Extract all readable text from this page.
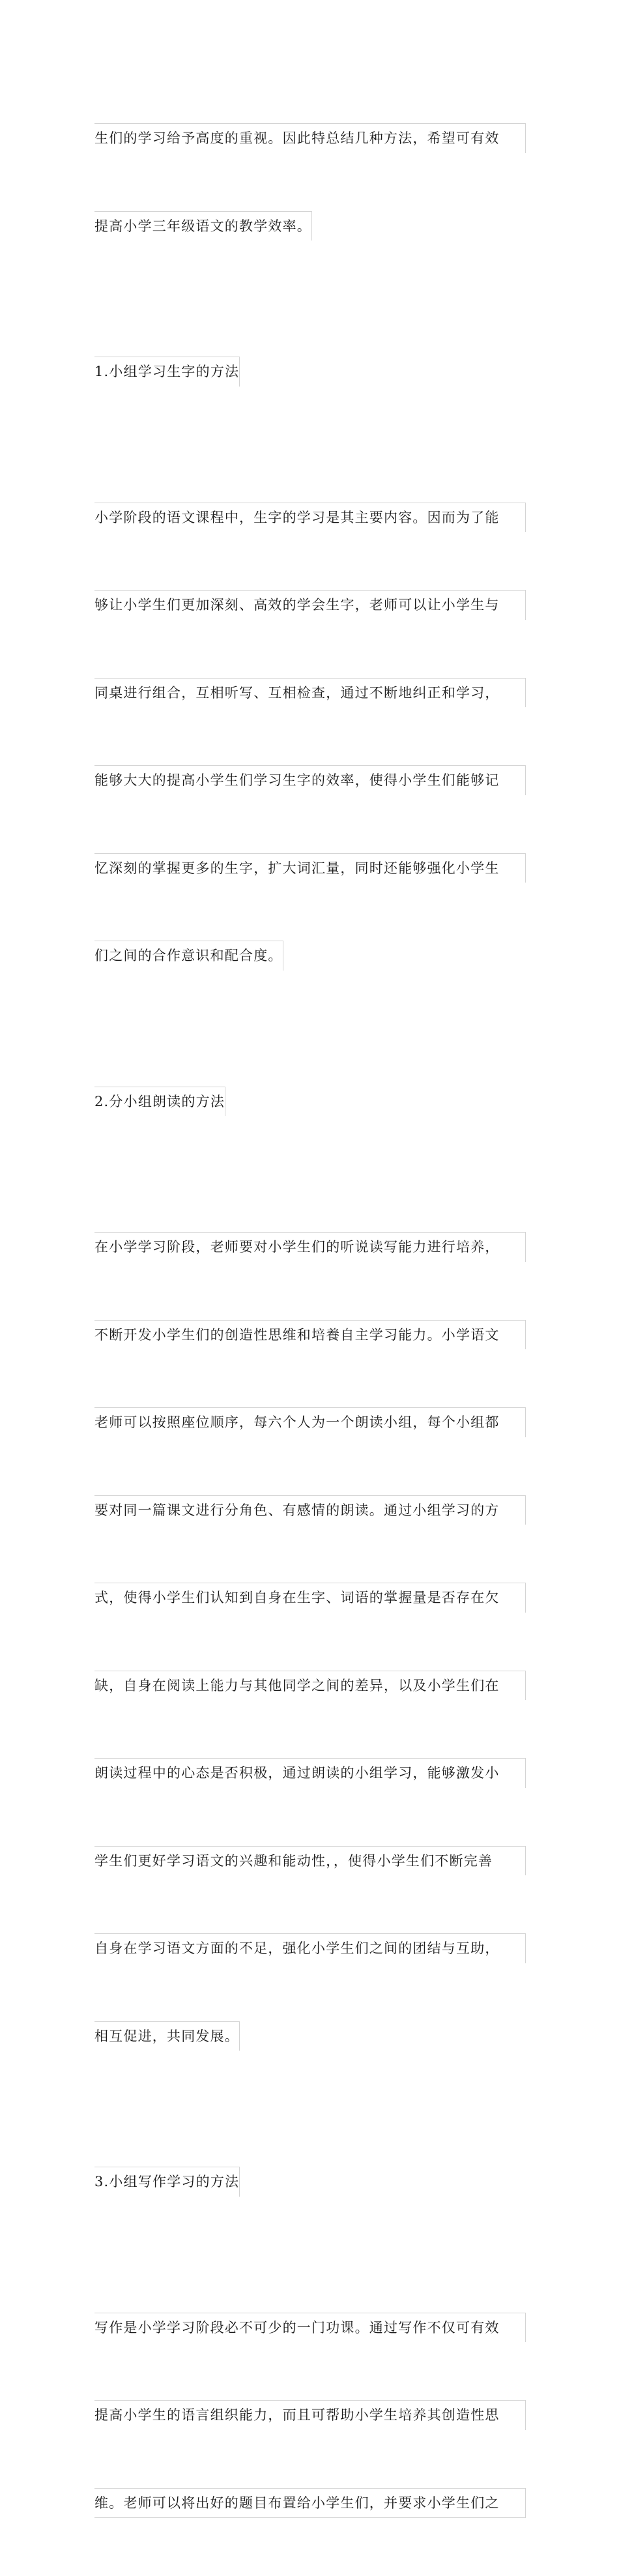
生们的学习给予高度的重视。因此特总结几种方法，希望可有效

提高小学三年级语文的教学效率。

1.小组学习生字的方法

小学阶段的语文课程中，生字的学习是其主要内容。因而为了能

够让小学生们更加深刻、高效的学会生字，老师可以让小学生与

同桌进行组合，互相听写、互相检查，通过不断地纠正和学习，

能够大大的提高小学生们学习生字的效率，使得小学生们能够记

忆深刻的掌握更多的生字，扩大词汇量，同时还能够强化小学生

们之间的合作意识和配合度。

2.分小组朗读的方法

在小学学习阶段，老师要对小学生们的听说读写能力进行培养，

不断开发小学生们的创造性思维和培養自主学习能力。小学语文

老师可以按照座位顺序，每六个人为一个朗读小组，每个小组都

要对同一篇课文进行分角色、有感情的朗读。通过小组学习的方

式，使得小学生们认知到自身在生字、词语的掌握量是否存在欠

缺，自身在阅读上能力与其他同学之间的差异，以及小学生们在

朗读过程中的心态是否积极，通过朗读的小组学习，能够激发小

学生们更好学习语文的兴趣和能动性，，使得小学生们不断完善

自身在学习语文方面的不足，强化小学生们之间的团结与互助，

相互促进，共同发展。

3.小组写作学习的方法

写作是小学学习阶段必不可少的一门功课。通过写作不仅可有效

提高小学生的语言组织能力，而且可帮助小学生培养其创造性思

维。老师可以将出好的题目布置给小学生们，并要求小学生们之
